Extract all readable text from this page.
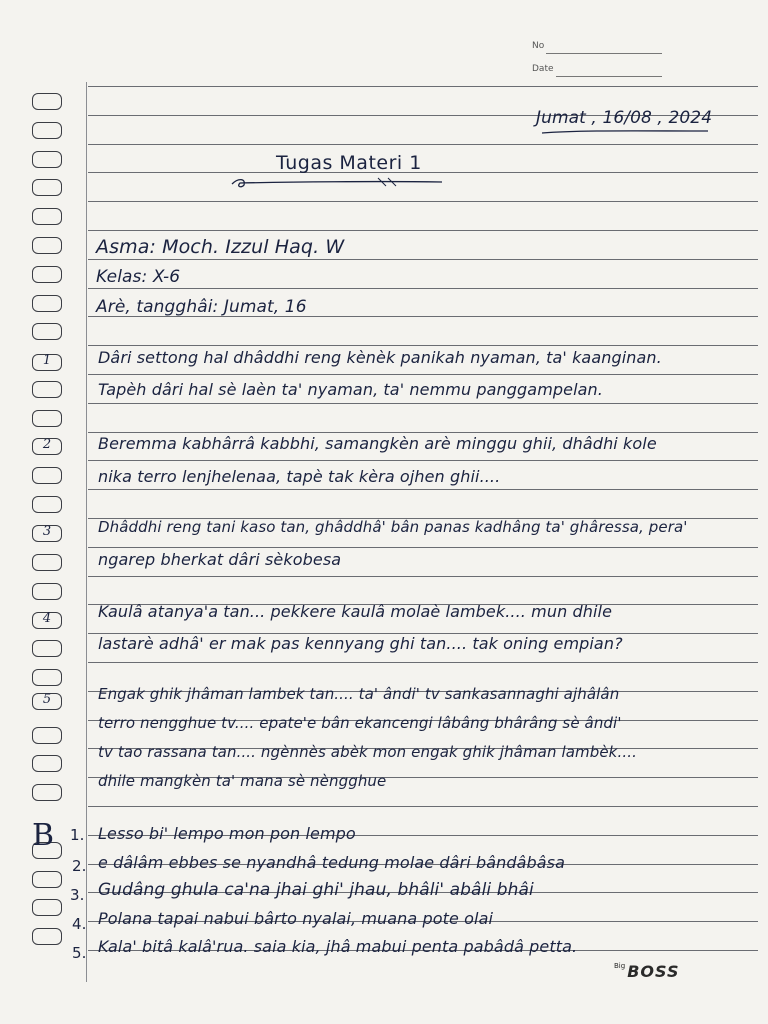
No
Date
Jumat , 16/08 , 2024
Tugas Materi 1
Asma: Moch. Izzul Haq. W
Kelas: X-6
Arè, tangghâi: Jumat, 16
1	Dâri settong hal dhâddhi reng kènèk panikah nyaman, ta' kaanginan.
Tapèh dâri hal sè laèn ta' nyaman, ta' nemmu panggampelan.
2	Beremma kabhârrâ kabbhi, samangkèn arè minggu ghii, dhâdhi kole
nika terro lenjhelenaa, tapè tak kèra ojhen ghii....
3	Dhâddhi reng tani kaso tan, ghâddhâ' bân panas kadhâng ta' ghâressa, pera'
ngarep bherkat dâri sèkobesa
4	Kaulâ atanya'a tan... pekkere kaulâ molaè lambek.... mun dhile
lastarè adhâ' er mak pas kennyang ghi tan.... tak oning empian?
5	Engak ghik jhâman lambek tan.... ta' ândi' tv sankasannaghi ajhâlân
terro nengghue tv.... epate'e bân ekancengi lâbâng bhârâng sè ândi'
tv tao rassana tan.... ngènnès abèk mon engak ghik jhâman lambèk....
dhile mangkèn ta' mana sè nèngghue
B 1. Lesso bi' lempo mon pon lempo
2. e dâlâm ebbes se nyandhâ tedung molae dâri bândâbâsa
3. Gudâng ghula ca'na jhai ghi' jhau, bhâli' abâli bhâi
4. Polana tapai nabui bârto nyalai, muana pote olai
5. Kala' bitâ kalâ'rua. saia kia, jhâ mabui penta pabâdâ petta.
$^{Big}$ BOSS
